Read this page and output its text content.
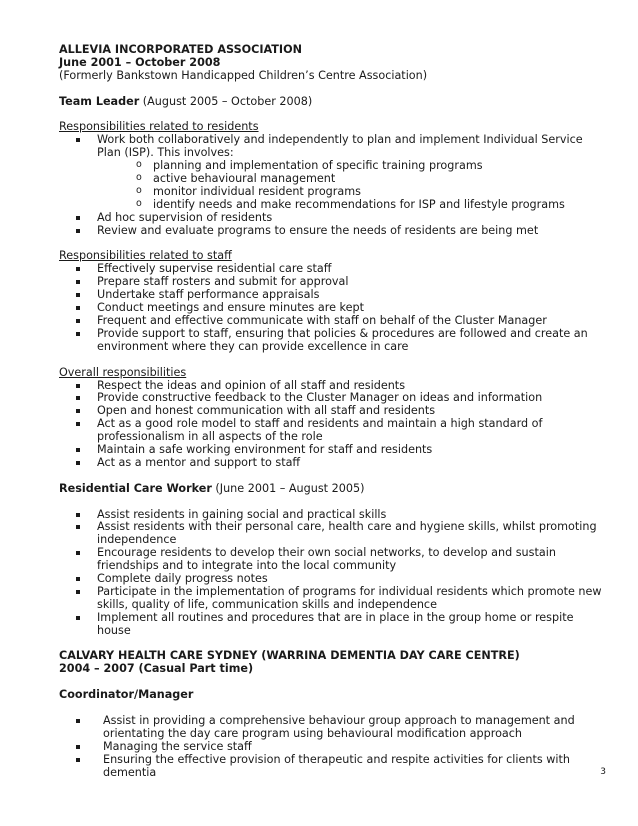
ALLEVIA INCORPORATED ASSOCIATION
June 2001 – October 2008
(Formerly Bankstown Handicapped Children’s Centre Association)
Team Leader (August 2005 – October 2008)
Responsibilities related to residents
Work both collaboratively and independently to plan and implement Individual Service Plan (ISP). This involves:
o planning and implementation of specific training programs
o active behavioural management
o monitor individual resident programs
o identify needs and make recommendations for ISP and lifestyle programs
Ad hoc supervision of residents
Review and evaluate programs to ensure the needs of residents are being met
Responsibilities related to staff
Effectively supervise residential care staff
Prepare staff rosters and submit for approval
Undertake staff performance appraisals
Conduct meetings and ensure minutes are kept
Frequent and effective communicate with staff on behalf of the Cluster Manager
Provide support to staff, ensuring that policies & procedures are followed and create an environment where they can provide excellence in care
Overall responsibilities
Respect the ideas and opinion of all staff and residents
Provide constructive feedback to the Cluster Manager on ideas and information
Open and honest communication with all staff and residents
Act as a good role model to staff and residents and maintain a high standard of professionalism in all aspects of the role
Maintain a safe working environment for staff and residents
Act as a mentor and support to staff
Residential Care Worker (June 2001 – August 2005)
Assist residents in gaining social and practical skills
Assist residents with their personal care, health care and hygiene skills, whilst promoting independence
Encourage residents to develop their own social networks, to develop and sustain friendships and to integrate into the local community
Complete daily progress notes
Participate in the implementation of programs for individual residents which promote new skills, quality of life, communication skills and independence
Implement all routines and procedures that are in place in the group home or respite house
CALVARY HEALTH CARE SYDNEY (WARRINA DEMENTIA DAY CARE CENTRE)
2004 – 2007 (Casual Part time)
Coordinator/Manager
Assist in providing a comprehensive behaviour group approach to management and orientating the day care program using behavioural modification approach
Managing the service staff
Ensuring the effective provision of therapeutic and respite activities for clients with dementia	3
